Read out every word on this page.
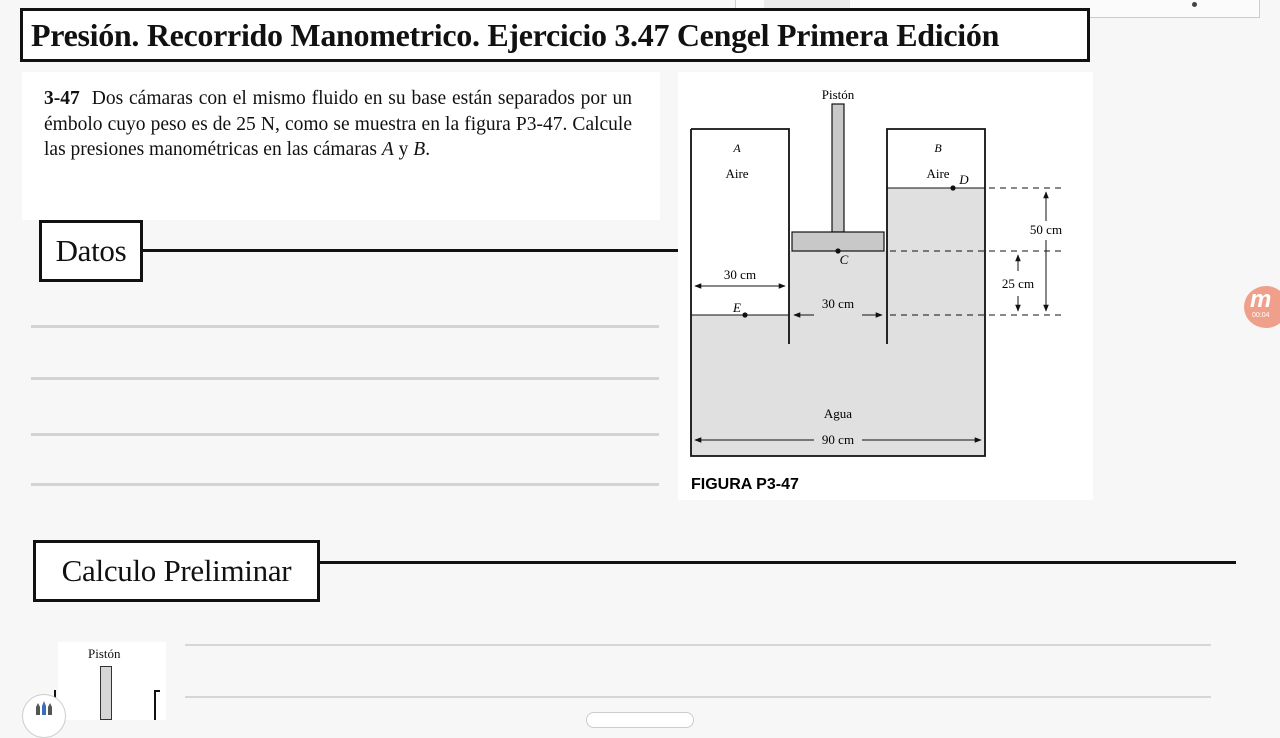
Presión. Recorrido Manometrico. Ejercicio 3.47 Cengel Primera Edición
3-47 Dos cámaras con el mismo fluido en su base están separados por un émbolo cuyo peso es de 25 N, como se muestra en la figura P3-47. Calcule las presiones manométricas en las cámaras A y B.
Pistón
A	B
Aire	Aire D
C
E
50 cm
25 cm
30 cm
30 cm
Agua
90 cm
FIGURA P3-47
Datos
Calculo Preliminar
Pistón
m
00:04
